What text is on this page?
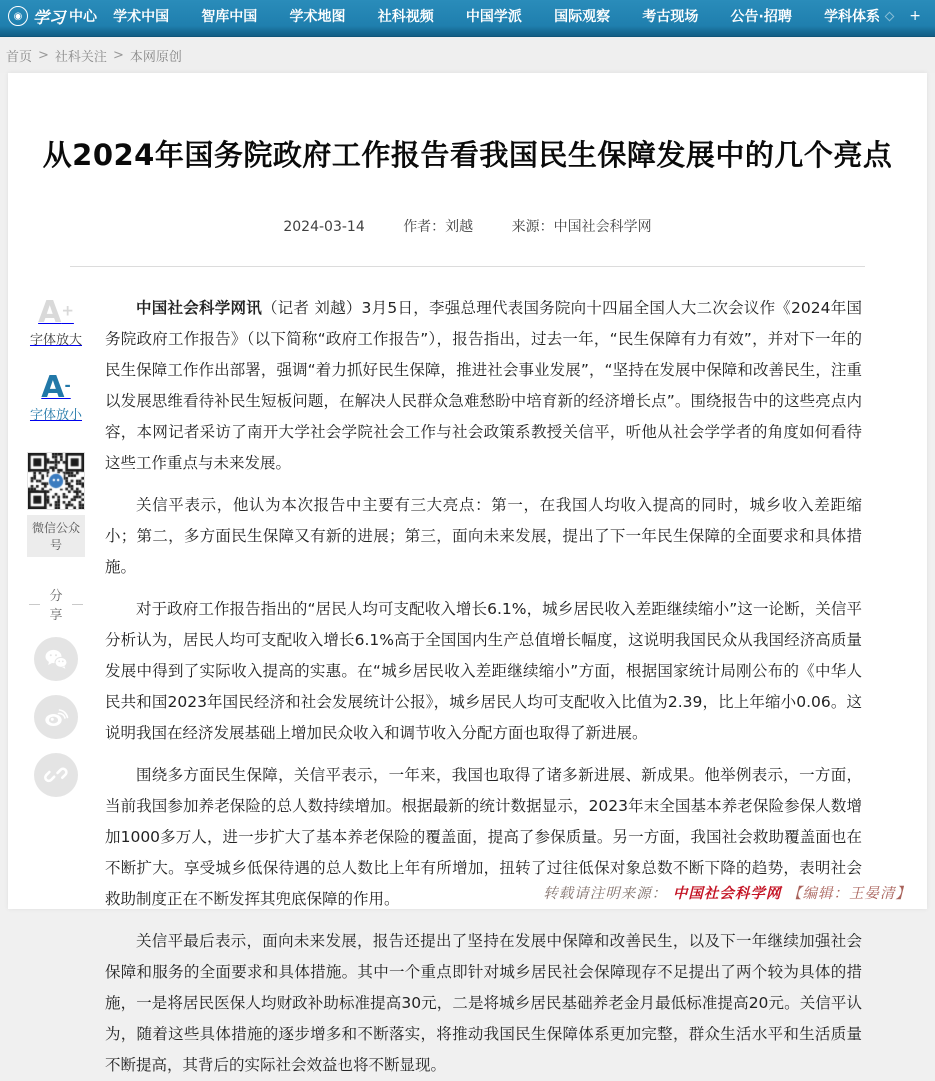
◉ 学习 中心 学术中国 智库中国 学术地图 社科视频 中国学派 国际观察 考古现场 公告·招聘 学科体系 +
首页 > 社科关注 > 本网原创
从2024年国务院政府工作报告看我国民生保障发展中的几个亮点
2024-03-14	作者：刘越	来源：中国社会科学网

中国社会科学网讯（记者 刘越）3月5日，李强总理代表国务院向十四届全国人大二次会议作《2024年国务院政府工作报告》（以下简称“政府工作报告”），报告指出，过去一年，“民生保障有力有效”，并对下一年的民生保障工作作出部署，强调“着力抓好民生保障，推进社会事业发展”，“坚持在发展中保障和改善民生，注重以发展思维看待补民生短板问题，在解决人民群众急难愁盼中培育新的经济增长点”。围绕报告中的这些亮点内容，本网记者采访了南开大学社会学院社会工作与社会政策系教授关信平，听他从社会学学者的角度如何看待这些工作重点与未来发展。

关信平表示，他认为本次报告中主要有三大亮点：第一，在我国人均收入提高的同时，城乡收入差距缩小；第二，多方面民生保障又有新的进展；第三，面向未来发展，提出了下一年民生保障的全面要求和具体措施。

对于政府工作报告指出的“居民人均可支配收入增长6.1%，城乡居民收入差距继续缩小”这一论断，关信平分析认为，居民人均可支配收入增长6.1%高于全国国内生产总值增长幅度，这说明我国民众从我国经济高质量发展中得到了实际收入提高的实惠。在“城乡居民收入差距继续缩小”方面，根据国家统计局刚公布的《中华人民共和国2023年国民经济和社会发展统计公报》，城乡居民人均可支配收入比值为2.39，比上年缩小0.06。这说明我国在经济发展基础上增加民众收入和调节收入分配方面也取得了新进展。

围绕多方面民生保障，关信平表示，一年来，我国也取得了诸多新进展、新成果。他举例表示，一方面，当前我国参加养老保险的总人数持续增加。根据最新的统计数据显示，2023年末全国基本养老保险参保人数增加1000多万人，进一步扩大了基本养老保险的覆盖面，提高了参保质量。另一方面，我国社会救助覆盖面也在不断扩大。享受城乡低保待遇的总人数比上年有所增加，扭转了过往低保对象总数不断下降的趋势，表明社会救助制度正在不断发挥其兜底保障的作用。

关信平最后表示，面向未来发展，报告还提出了坚持在发展中保障和改善民生，以及下一年继续加强社会保障和服务的全面要求和具体措施。其中一个重点即针对城乡居民社会保障现存不足提出了两个较为具体的措施，一是将居民医保人均财政补助标准提高30元，二是将城乡居民基础养老金月最低标准提高20元。关信平认为，随着这些具体措施的逐步增多和不断落实，将推动我国民生保障体系更加完整，群众生活水平和生活质量不断提高，其背后的实际社会效益也将不断显现。

A+
字体放大
A-
字体放小
微信公众号
分享
转载请注明来源： 中国社会科学网 【编辑：王晏清】
